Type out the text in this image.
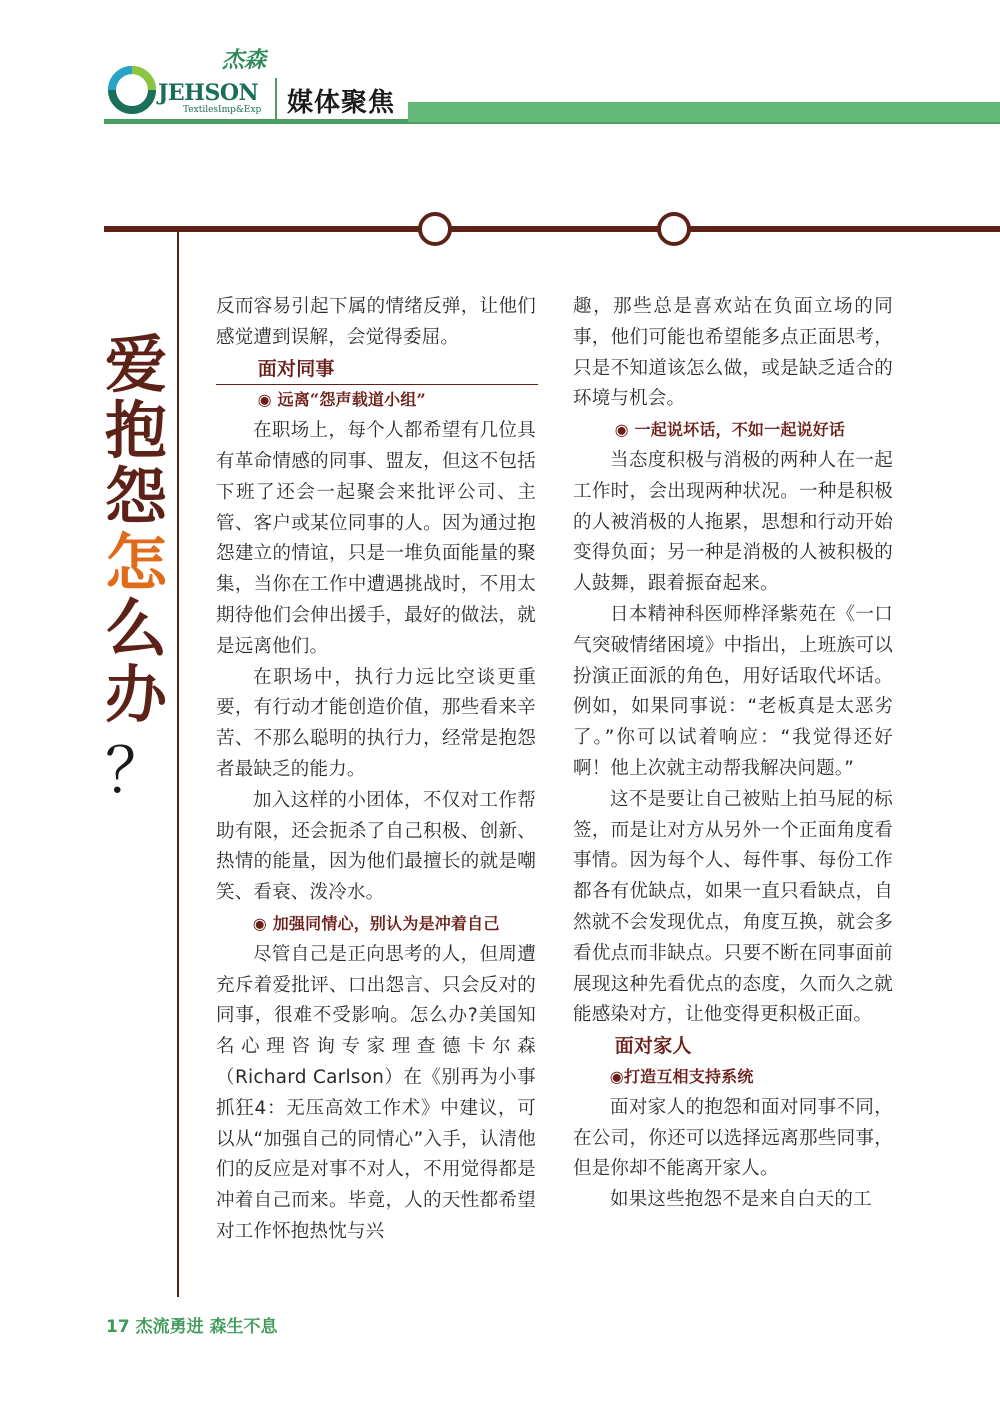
JEHSON
TextilesImp&Exp
杰森
媒体聚焦
爱
抱
怨
怎
么
办
？

反而容易引起下属的情绪反弹，让他们感觉遭到误解，会觉得委屈。

面对同事
◉ 远离“怨声载道小组”

在职场上，每个人都希望有几位具有革命情感的同事、盟友，但这不包括下班了还会一起聚会来批评公司、主管、客户或某位同事的人。因为通过抱怨建立的情谊，只是一堆负面能量的聚集，当你在工作中遭遇挑战时，不用太期待他们会伸出援手，最好的做法，就是远离他们。

在职场中，执行力远比空谈更重要，有行动才能创造价值，那些看来辛苦、不那么聪明的执行力，经常是抱怨者最缺乏的能力。

加入这样的小团体，不仅对工作帮助有限，还会扼杀了自己积极、创新、热情的能量，因为他们最擅长的就是嘲笑、看衰、泼冷水。

◉ 加强同情心，别认为是冲着自己

尽管自己是正向思考的人，但周遭充斥着爱批评、口出怨言、只会反对的同事，很难不受影响。怎么办?美国知名心理咨询专家理查德卡尔森（Richard Carlson）在《别再为小事抓狂4：无压高效工作术》中建议，可以从“加强自己的同情心”入手，认清他们的反应是对事不对人，不用觉得都是冲着自己而来。毕竟，人的天性都希望对工作怀抱热忱与兴

趣，那些总是喜欢站在负面立场的同事，他们可能也希望能多点正面思考，只是不知道该怎么做，或是缺乏适合的环境与机会。

◉ 一起说坏话，不如一起说好话

当态度积极与消极的两种人在一起工作时，会出现两种状况。一种是积极的人被消极的人拖累，思想和行动开始变得负面；另一种是消极的人被积极的人鼓舞，跟着振奋起来。

日本精神科医师桦泽紫苑在《一口气突破情绪困境》中指出，上班族可以扮演正面派的角色，用好话取代坏话。例如，如果同事说：“老板真是太恶劣了。”你可以试着响应：“我觉得还好啊！他上次就主动帮我解决问题。”

这不是要让自己被贴上拍马屁的标签，而是让对方从另外一个正面角度看事情。因为每个人、每件事、每份工作都各有优缺点，如果一直只看缺点，自然就不会发现优点，角度互换，就会多看优点而非缺点。只要不断在同事面前展现这种先看优点的态度，久而久之就能感染对方，让他变得更积极正面。

面对家人
◉打造互相支持系统

面对家人的抱怨和面对同事不同，在公司，你还可以选择远离那些同事，但是你却不能离开家人。

如果这些抱怨不是来自白天的工

17 杰流勇进 森生不息
